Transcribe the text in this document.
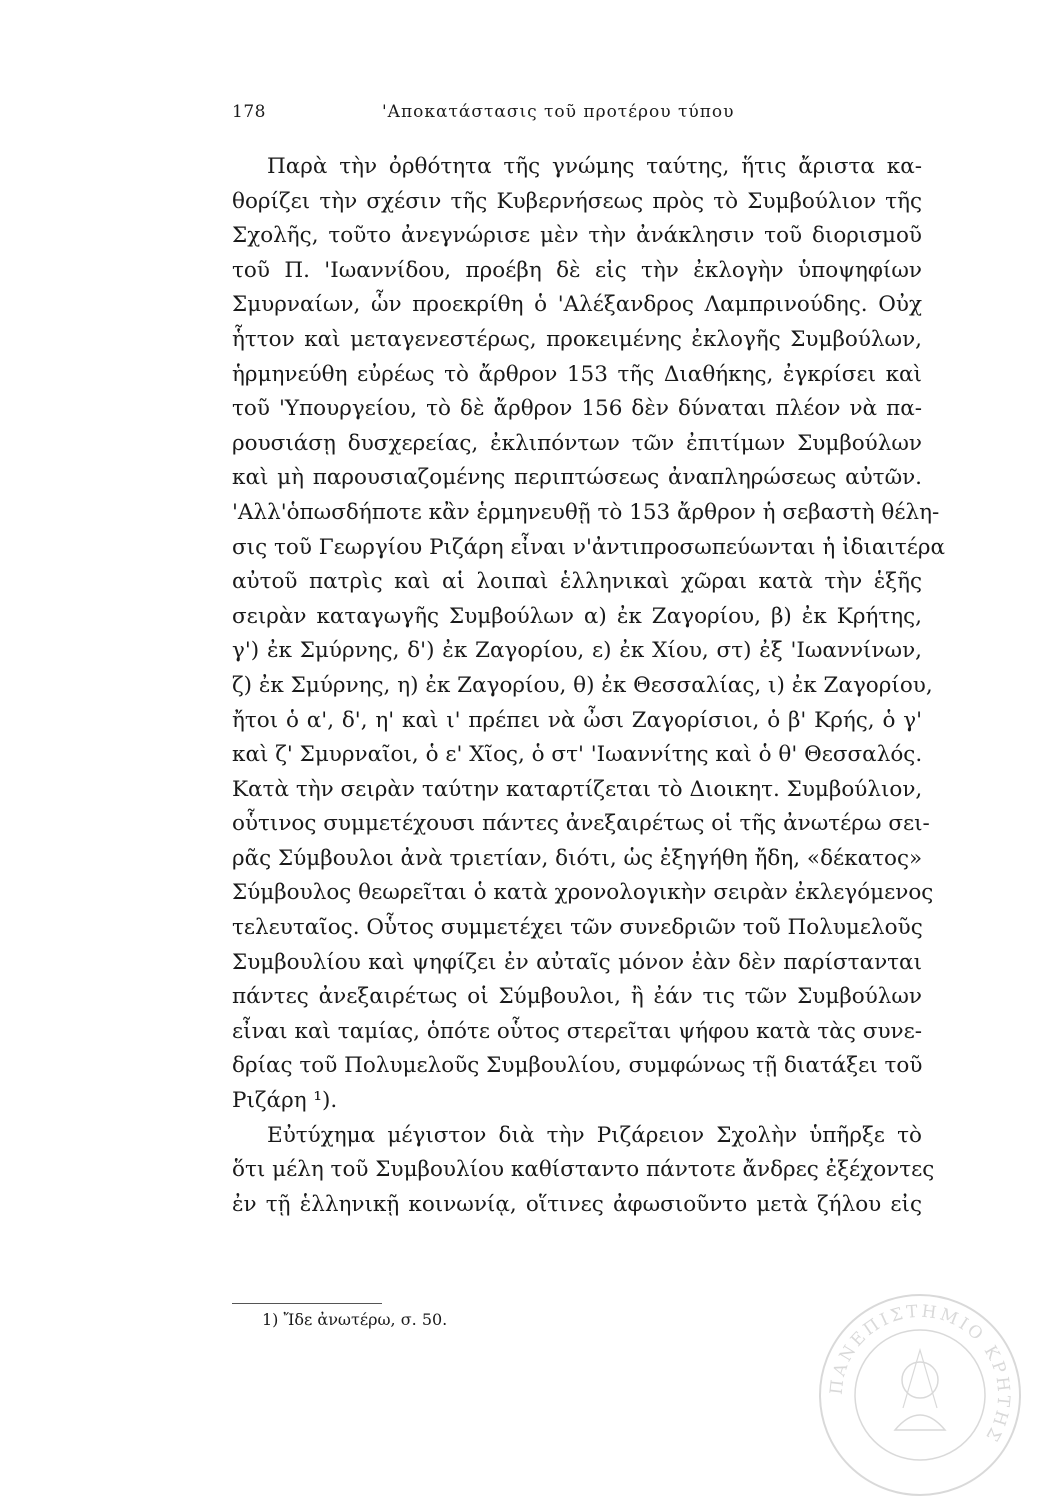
178	'Αποκατάστασις τοῦ προτέρου τύπου
Παρὰ τὴν ὀρθότητα τῆς γνώμης ταύτης, ἥτις ἄριστα κα-
θορίζει τὴν σχέσιν τῆς Κυβερνήσεως πρὸς τὸ Συμβούλιον τῆς
Σχολῆς, τοῦτο ἀνεγνώρισε μὲν τὴν ἀνάκλησιν τοῦ διορισμοῦ
τοῦ Π. 'Ιωαννίδου, προέβη δὲ εἰς τὴν ἐκλογὴν ὑποψηφίων
Σμυρναίων, ὧν προεκρίθη ὁ 'Αλέξανδρος Λαμπρινούδης. Οὐχ
ἧττον καὶ μεταγενεστέρως, προκειμένης ἐκλογῆς Συμβούλων,
ἡρμηνεύθη εὐρέως τὸ ἄρθρον 153 τῆς Διαθήκης, ἐγκρίσει καὶ
τοῦ 'Υπουργείου, τὸ δὲ ἄρθρον 156 δὲν δύναται πλέον νὰ πα-
ρουσιάσῃ δυσχερείας, ἐκλιπόντων τῶν ἐπιτίμων Συμβούλων
καὶ μὴ παρουσιαζομένης περιπτώσεως ἀναπληρώσεως αὐτῶν.
'Αλλ'ὁπωσδήποτε κἂν ἑρμηνευθῇ τὸ 153 ἄρθρον ἡ σεβαστὴ θέλη-
σις τοῦ Γεωργίου Ριζάρη εἶναι ν'ἀντιπροσωπεύωνται ἡ ἰδιαιτέρα
αὐτοῦ πατρὶς καὶ αἱ λοιπαὶ ἑλληνικαὶ χῶραι κατὰ τὴν ἑξῆς
σειρὰν καταγωγῆς Συμβούλων α) ἐκ Ζαγορίου, β) ἐκ Κρήτης,
γ') ἐκ Σμύρνης, δ') ἐκ Ζαγορίου, ε) ἐκ Χίου, στ) ἐξ 'Ιωαννίνων,
ζ) ἐκ Σμύρνης, η) ἐκ Ζαγορίου, θ) ἐκ Θεσσαλίας, ι) ἐκ Ζαγορίου,
ἤτοι ὁ α', δ', η' καὶ ι' πρέπει νὰ ὦσι Ζαγορίσιοι, ὁ β' Κρής, ὁ γ'
καὶ ζ' Σμυρναῖοι, ὁ ε' Χῖος, ὁ στ' 'Ιωαννίτης καὶ ὁ θ' Θεσσαλός.
Κατὰ τὴν σειρὰν ταύτην καταρτίζεται τὸ Διοικητ. Συμβούλιον,
οὗτινος συμμετέχουσι πάντες ἀνεξαιρέτως οἱ τῆς ἀνωτέρω σει-
ρᾶς Σύμβουλοι ἀνὰ τριετίαν, διότι, ὡς ἐξηγήθη ἤδη, «δέκατος»
Σύμβουλος θεωρεῖται ὁ κατὰ χρονολογικὴν σειρὰν ἐκλεγόμενος
τελευταῖος. Οὗτος συμμετέχει τῶν συνεδριῶν τοῦ Πολυμελοῦς
Συμβουλίου καὶ ψηφίζει ἐν αὐταῖς μόνον ἐὰν δὲν παρίστανται
πάντες ἀνεξαιρέτως οἱ Σύμβουλοι, ἢ ἐάν τις τῶν Συμβούλων
εἶναι καὶ ταμίας, ὁπότε οὗτος στερεῖται ψήφου κατὰ τὰς συνε-
δρίας τοῦ Πολυμελοῦς Συμβουλίου, συμφώνως τῇ διατάξει τοῦ
Ριζάρη ¹).
Εὐτύχημα μέγιστον διὰ τὴν Ριζάρειον Σχολὴν ὑπῆρξε τὸ
ὅτι μέλη τοῦ Συμβουλίου καθίσταντο πάντοτε ἄνδρες ἐξέχοντες
ἐν τῇ ἑλληνικῇ κοινωνίᾳ, οἵτινες ἀφωσιοῦντο μετὰ ζήλου εἰς
1) Ἴδε ἀνωτέρω, σ. 50.
ΠΑΝΕΠΙΣΤΗΜΙΟ ΚΡΗΤΗΣ
